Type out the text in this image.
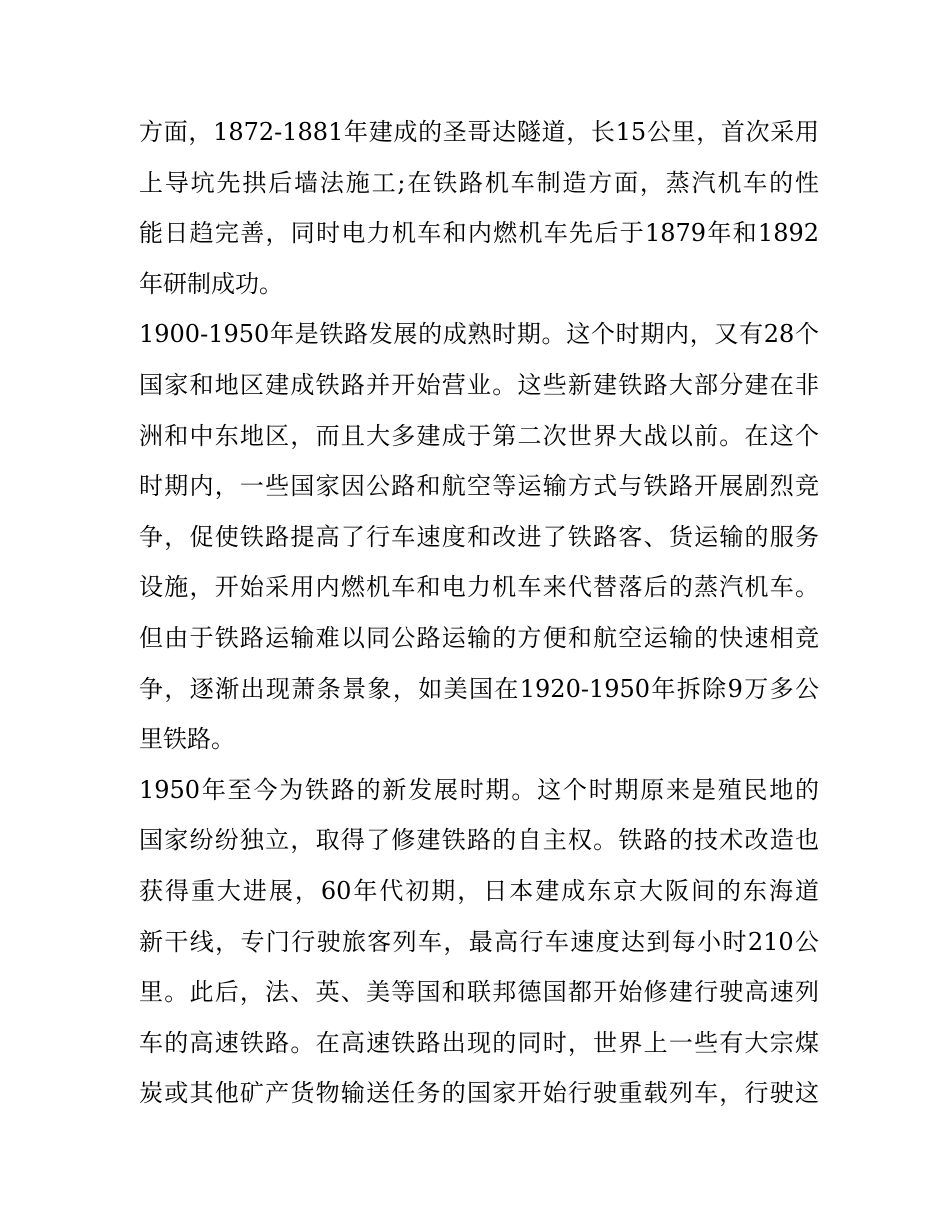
方面，1872-1881年建成的圣哥达隧道，长15公里，首次采用
上导坑先拱后墙法施工;在铁路机车制造方面，蒸汽机车的性
能日趋完善，同时电力机车和内燃机车先后于1879年和1892
年研制成功。
1900-1950年是铁路发展的成熟时期。这个时期内，又有28个
国家和地区建成铁路并开始营业。这些新建铁路大部分建在非
洲和中东地区，而且大多建成于第二次世界大战以前。在这个
时期内，一些国家因公路和航空等运输方式与铁路开展剧烈竞
争，促使铁路提高了行车速度和改进了铁路客、货运输的服务
设施，开始采用内燃机车和电力机车来代替落后的蒸汽机车。
但由于铁路运输难以同公路运输的方便和航空运输的快速相竞
争，逐渐出现萧条景象，如美国在1920-1950年拆除9万多公
里铁路。
1950年至今为铁路的新发展时期。这个时期原来是殖民地的
国家纷纷独立，取得了修建铁路的自主权。铁路的技术改造也
获得重大进展，60年代初期，日本建成东京大阪间的东海道
新干线，专门行驶旅客列车，最高行车速度达到每小时210公
里。此后，法、英、美等国和联邦德国都开始修建行驶高速列
车的高速铁路。在高速铁路出现的同时，世界上一些有大宗煤
炭或其他矿产货物输送任务的国家开始行驶重载列车，行驶这
